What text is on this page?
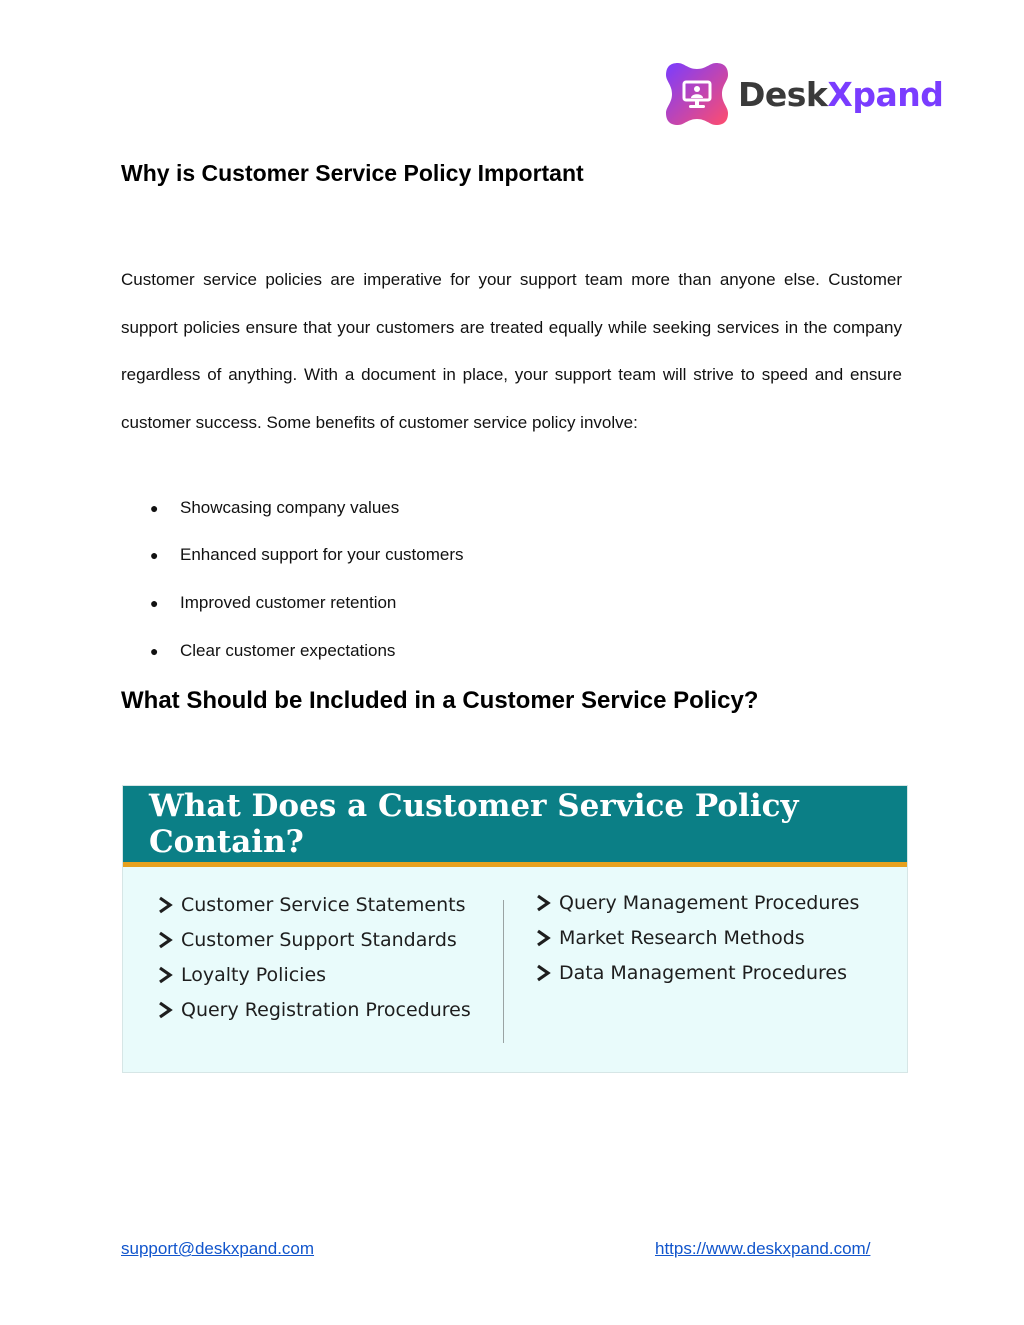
DeskXpand
Why is Customer Service Policy Important

Customer service policies are imperative for your support team more than anyone else. Customer support policies ensure that your customers are treated equally while seeking services in the company regardless of anything. With a document in place, your support team will strive to speed and ensure customer success. Some benefits of customer service policy involve:

●	Showcasing company values
●	Enhanced support for your customers
●	Improved customer retention
●	Clear customer expectations
What Should be Included in a Customer Service Policy?
What Does a Customer Service Policy Contain?
Customer Service Statements
Customer Support Standards
Loyalty Policies
Query Registration Procedures
Query Management Procedures
Market Research Methods
Data Management Procedures
support@deskxpand.com	https://www.deskxpand.com/
